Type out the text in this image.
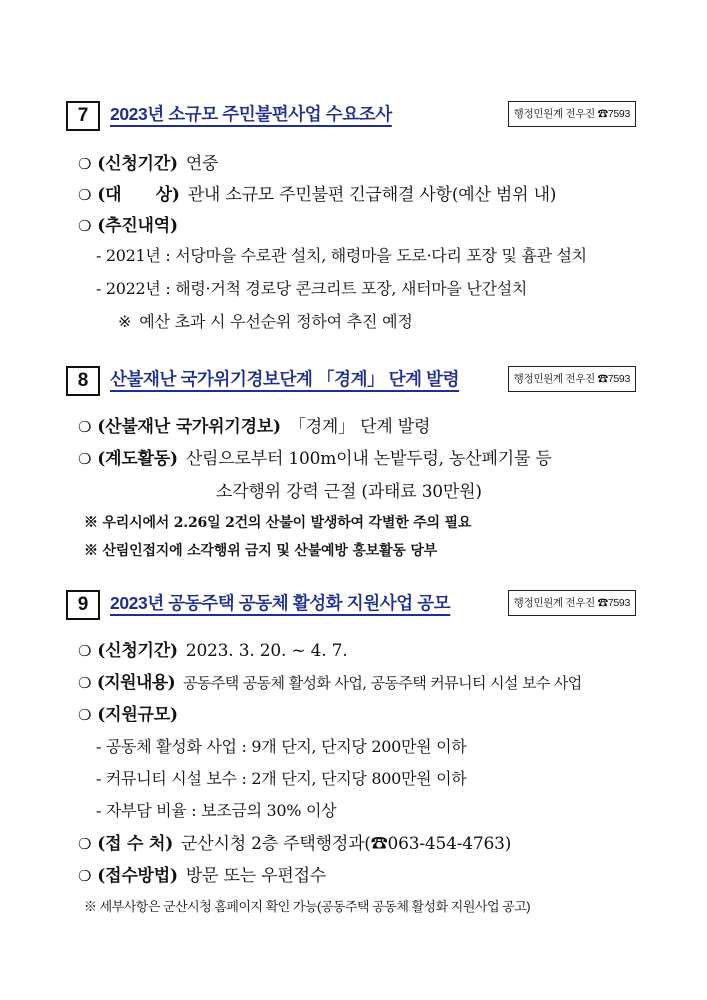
7	2023년 소규모 주민불편사업 수요조사	행정민원계 전우진 ☎7593
❍ (신청기간) 연중
❍ (대      상) 관내 소규모 주민불편 긴급해결 사항(예산 범위 내)
❍ (추진내역)
- 2021년 : 서당마을 수로관 설치, 해령마을 도로·다리 포장 및 흄관 설치
- 2022년 : 해령·거척 경로당 콘크리트 포장, 새터마을 난간설치
※ 예산 초과 시 우선순위 정하여 추진 예정
8	산불재난 국가위기경보단계 「경계」 단계 발령	행정민원계 전우진 ☎7593
❍ (산불재난 국가위기경보) 「경계」 단계 발령
❍ (계도활동) 산림으로부터 100m이내 논밭두렁, 농산폐기물 등
소각행위 강력 근절 (과태료 30만원)
※ 우리시에서 2.26일 2건의 산불이 발생하여 각별한 주의 필요
※ 산림인접지에 소각행위 금지 및 산불예방 홍보활동 당부
9	2023년 공동주택 공동체 활성화 지원사업 공모	행정민원계 전우진 ☎7593
❍ (신청기간) 2023. 3. 20. ~ 4. 7.
❍ (지원내용) 공동주택 공동체 활성화 사업, 공동주택 커뮤니티 시설 보수 사업
❍ (지원규모)
- 공동체 활성화 사업 : 9개 단지, 단지당 200만원 이하
- 커뮤니티 시설 보수 : 2개 단지, 단지당 800만원 이하
- 자부담 비율 : 보조금의 30% 이상
❍ (접 수 처) 군산시청 2층 주택행정과(☎063-454-4763)
❍ (접수방법) 방문 또는 우편접수
※ 세부사항은 군산시청 홈페이지 확인 가능(공동주택 공동체 활성화 지원사업 공고)
